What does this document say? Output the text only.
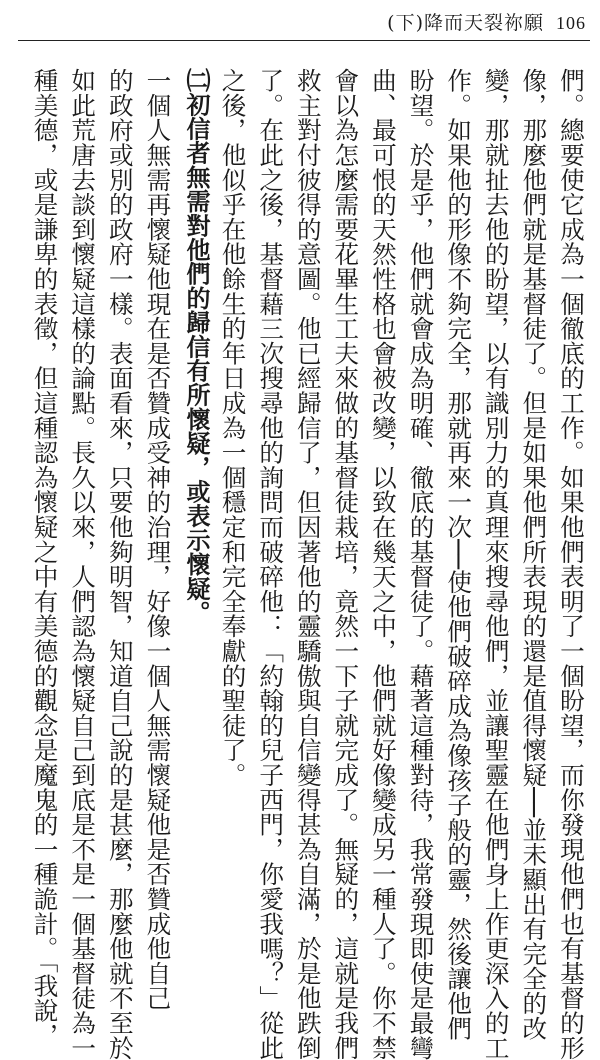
(下)降而天裂祢願 106
們。總要使它成為一個徹底的工作。如果他們表明了一個盼望，而你發現他們也有基督的形
像，那麼他們就是基督徒了。但是如果他們所表現的還是值得懷疑──並未顯出有完全的改
變，那就扯去他的盼望，以有識別力的真理來搜尋他們，並讓聖靈在他們身上作更深入的工
作。如果他的形像不夠完全，那就再來一次──使他們破碎成為像孩子般的靈，然後讓他們
盼望。於是乎，他們就會成為明確、徹底的基督徒了。藉著這種對待，我常發現即使是最彎
曲、最可恨的天然性格也會被改變，以致在幾天之中，他們就好像變成另一種人了。你不禁
會以為怎麼需要花畢生工夫來做的基督徒栽培，竟然一下子就完成了。無疑的，這就是我們
救主對付彼得的意圖。他已經歸信了，但因著他的靈驕傲與自信變得甚為自滿，於是他跌倒
了。在此之後，基督藉三次搜尋他的詢問而破碎他：「約翰的兒子西門，你愛我嗎？」從此
之後，他似乎在他餘生的年日成為一個穩定和完全奉獻的聖徒了。
㈡初信者無需對他們的歸信有所懷疑，或表示懷疑。
一個人無需再懷疑他現在是否贊成受神的治理，好像一個人無需懷疑他是否贊成他自己
的政府或別的政府一樣。表面看來，只要他夠明智，知道自己說的是甚麼，那麼他就不至於
如此荒唐去談到懷疑這樣的論點。長久以來，人們認為懷疑自己到底是不是一個基督徒為一
種美德，或是謙卑的表徵，但這種認為懷疑之中有美德的觀念是魔鬼的一種詭計。「我說，
